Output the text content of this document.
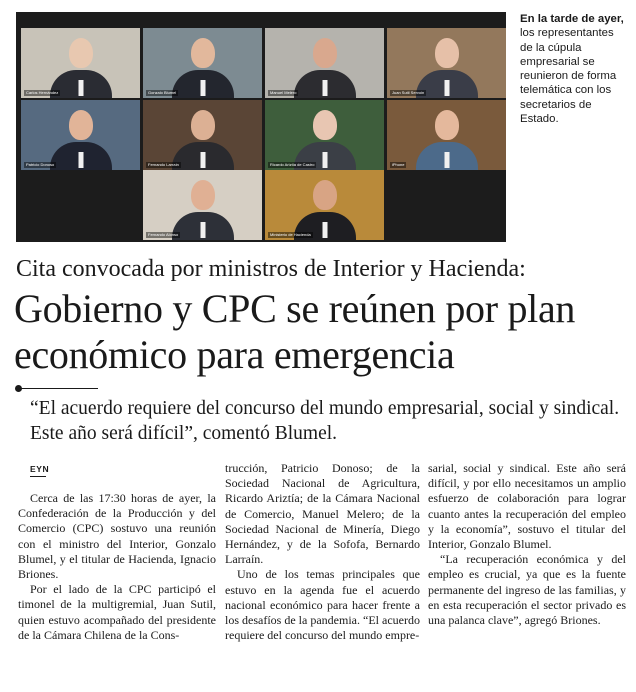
Carlos Hernández	Gonzalo Blumel	Manuel Melero	Juan Sutil Servoin
Patricio Donoso	Fernando Larraín	Ricardo Ariztía de Castro	iPhone
Fernando Alonso	Ministerio de Hacienda
En la tarde de ayer, los representantes de la cúpula empresarial se reunieron de forma telemática con los secretarios de Estado.
Cita convocada por ministros de Interior y Hacienda:
Gobierno y CPC se reúnen por plan económico para emergencia
“El acuerdo requiere del concurso del mundo empresarial, social y sindical. Este año será difícil”, comentó Blumel.
EYN

Cerca de las 17:30 horas de ayer, la Confederación de la Producción y del Comercio (CPC) sostuvo una reunión con el ministro del Interior, Gonzalo Blumel, y el titular de Hacienda, Ignacio Briones.

Por el lado de la CPC participó el timonel de la multigremial, Juan Sutil, quien estuvo acompañado del presidente de la Cámara Chilena de la Cons-

trucción, Patricio Donoso; de la Sociedad Nacional de Agricultura, Ricardo Ariztía; de la Cámara Nacional de Comercio, Manuel Melero; de la Sociedad Nacional de Minería, Diego Hernández, y de la Sofofa, Bernardo Larraín.

Uno de los temas principales que estuvo en la agenda fue el acuerdo nacional económico para hacer frente a los desafíos de la pandemia. “El acuerdo requiere del concurso del mundo empre-

sarial, social y sindical. Este año será difícil, y por ello necesitamos un amplio esfuerzo de colaboración para lograr cuanto antes la recuperación del empleo y la economía”, sostuvo el titular del Interior, Gonzalo Blumel.

“La recuperación económica y del empleo es crucial, ya que es la fuente permanente del ingreso de las familias, y en esta recuperación el sector privado es una palanca clave”, agregó Briones.
